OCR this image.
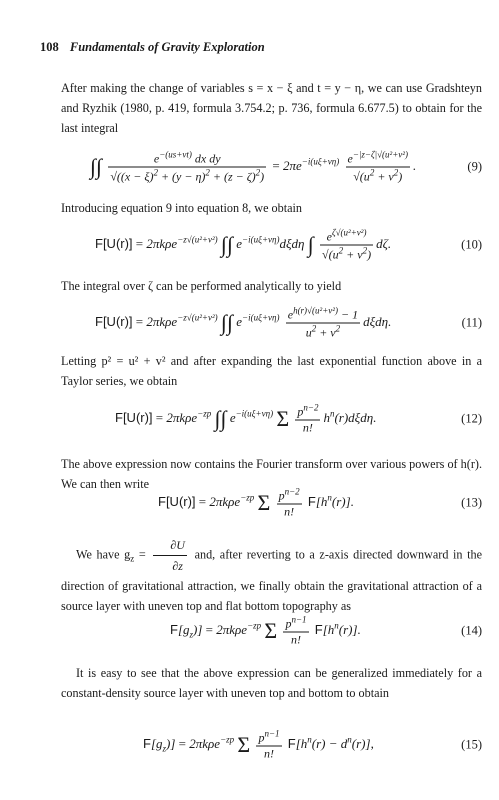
108 Fundamentals of Gravity Exploration
After making the change of variables s = x − ξ and t = y − η, we can use Gradshteyn and Ryzhik (1980, p. 419, formula 3.754.2; p. 736, formula 6.677.5) to obtain for the last integral
∫∫ $\frac{e^{-(us+vt)} dx dy}{√((x - \xi)^2 + (y - \eta)^2 + (z - \zeta)^2)} = 2\pi e^{-i(u\xi+v\eta)} \frac{e^{-|z-\zeta|√(u^2+v^2)}}{√(u^2 + v^2)}$ .	(9)
Introducing equation 9 into equation 8, we obtain
F[U(r)] = 2πkρe$^{-z√(u^2+v^2)}$ ∫∫ $e^{-i(u\xi+v\eta)}d\xi d\eta$ ∫ $\frac{e^{\zeta√(u^2+v^2)}}{√(u^2 + v^2)} d\zeta$.	(10)
The integral over ζ can be performed analytically to yield
F[U(r)] = 2πkρe$^{-z√(u^2+v^2)}$ ∫∫ $e^{-i(u\xi+v\eta)} \frac{e^{h(r)√(u^2+v^2)} - 1}{u^2 + v^2} d\xi d\eta$.	(11)
Letting p² = u² + v² and after expanding the last exponential function above in a Taylor series, we obtain
F[U(r)] = 2πkρe$^{-zp}$ ∫∫ $e^{-i(u\xi+v\eta)}$ Σ $\frac{p^{n-2}}{n!} h^n(r)d\xi d\eta$.	(12)
The above expression now contains the Fourier transform over various powers of h(r). We can then write
F[U(r)] = 2πkρe$^{-zp}$ Σ $\frac{p^{n-2}}{n!} F[h^n(r)]$.	(13)
We have $g_z = \frac{\partial U}{\partial z}$ and, after reverting to a z-axis directed downward in the direction of gravitational attraction, we finally obtain the gravitational attraction of a source layer with uneven top and flat bottom topography as
$F[g_z)] = 2\pi k\rho e^{-zp}$ Σ $\frac{p^{n-1}}{n!} F[h^n(r)]$.	(14)
It is easy to see that the above expression can be generalized immediately for a constant-density source layer with uneven top and bottom to obtain
$F[g_z)] = 2\pi k\rho e^{-zp}$ Σ $\frac{p^{n-1}}{n!} F[h^n(r) - d^n(r)]$,	(15)
